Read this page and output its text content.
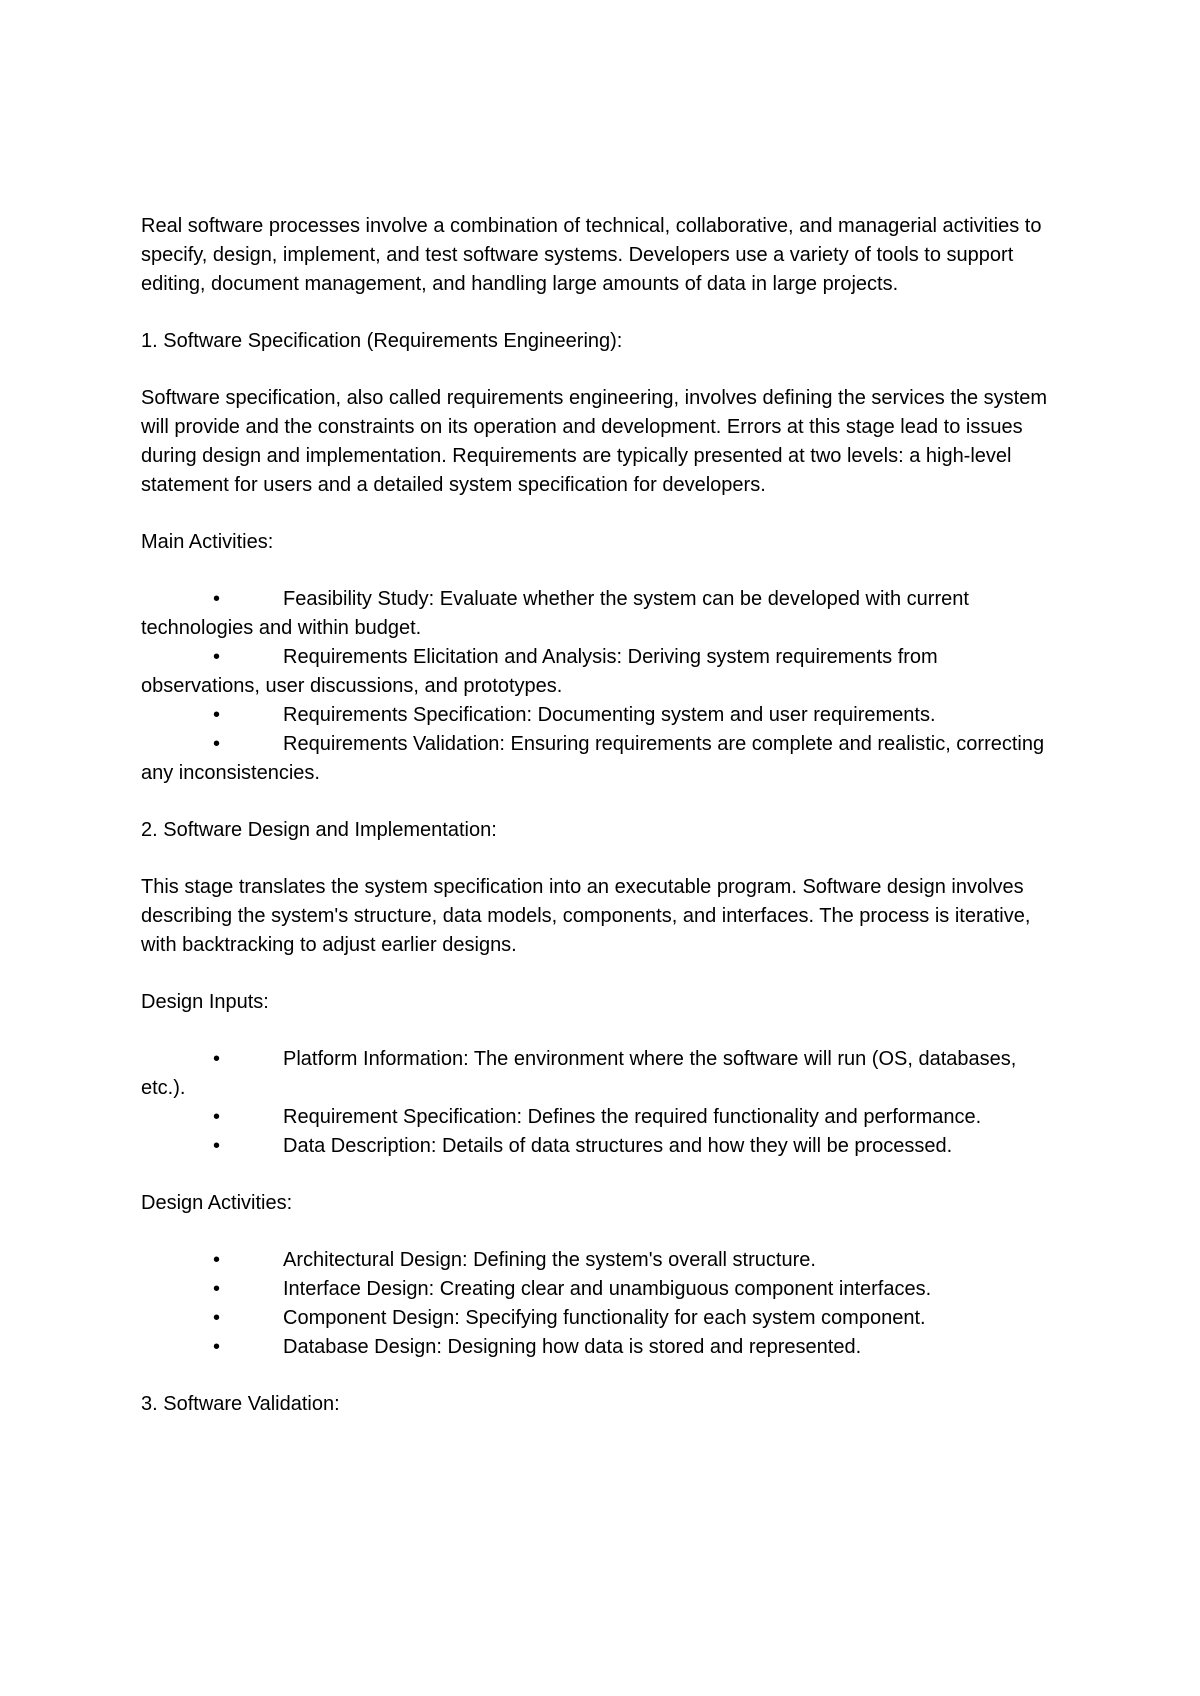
Real software processes involve a combination of technical, collaborative, and managerial activities to specify, design, implement, and test software systems. Developers use a variety of tools to support editing, document management, and handling large amounts of data in large projects.

1. Software Specification (Requirements Engineering):

Software specification, also called requirements engineering, involves defining the services the system will provide and the constraints on its operation and development. Errors at this stage lead to issues during design and implementation. Requirements are typically presented at two levels: a high-level statement for users and a detailed system specification for developers.

Main Activities:

•	Feasibility Study: Evaluate whether the system can be developed with current technologies and within budget.

•	Requirements Elicitation and Analysis: Deriving system requirements from observations, user discussions, and prototypes.

•	Requirements Specification: Documenting system and user requirements.

•	Requirements Validation: Ensuring requirements are complete and realistic, correcting any inconsistencies.

2. Software Design and Implementation:

This stage translates the system specification into an executable program. Software design involves describing the system's structure, data models, components, and interfaces. The process is iterative, with backtracking to adjust earlier designs.

Design Inputs:

•	Platform Information: The environment where the software will run (OS, databases, etc.).

•	Requirement Specification: Defines the required functionality and performance.

•	Data Description: Details of data structures and how they will be processed.

Design Activities:

•	Architectural Design: Defining the system's overall structure.

•	Interface Design: Creating clear and unambiguous component interfaces.

•	Component Design: Specifying functionality for each system component.

•	Database Design: Designing how data is stored and represented.

3. Software Validation:
